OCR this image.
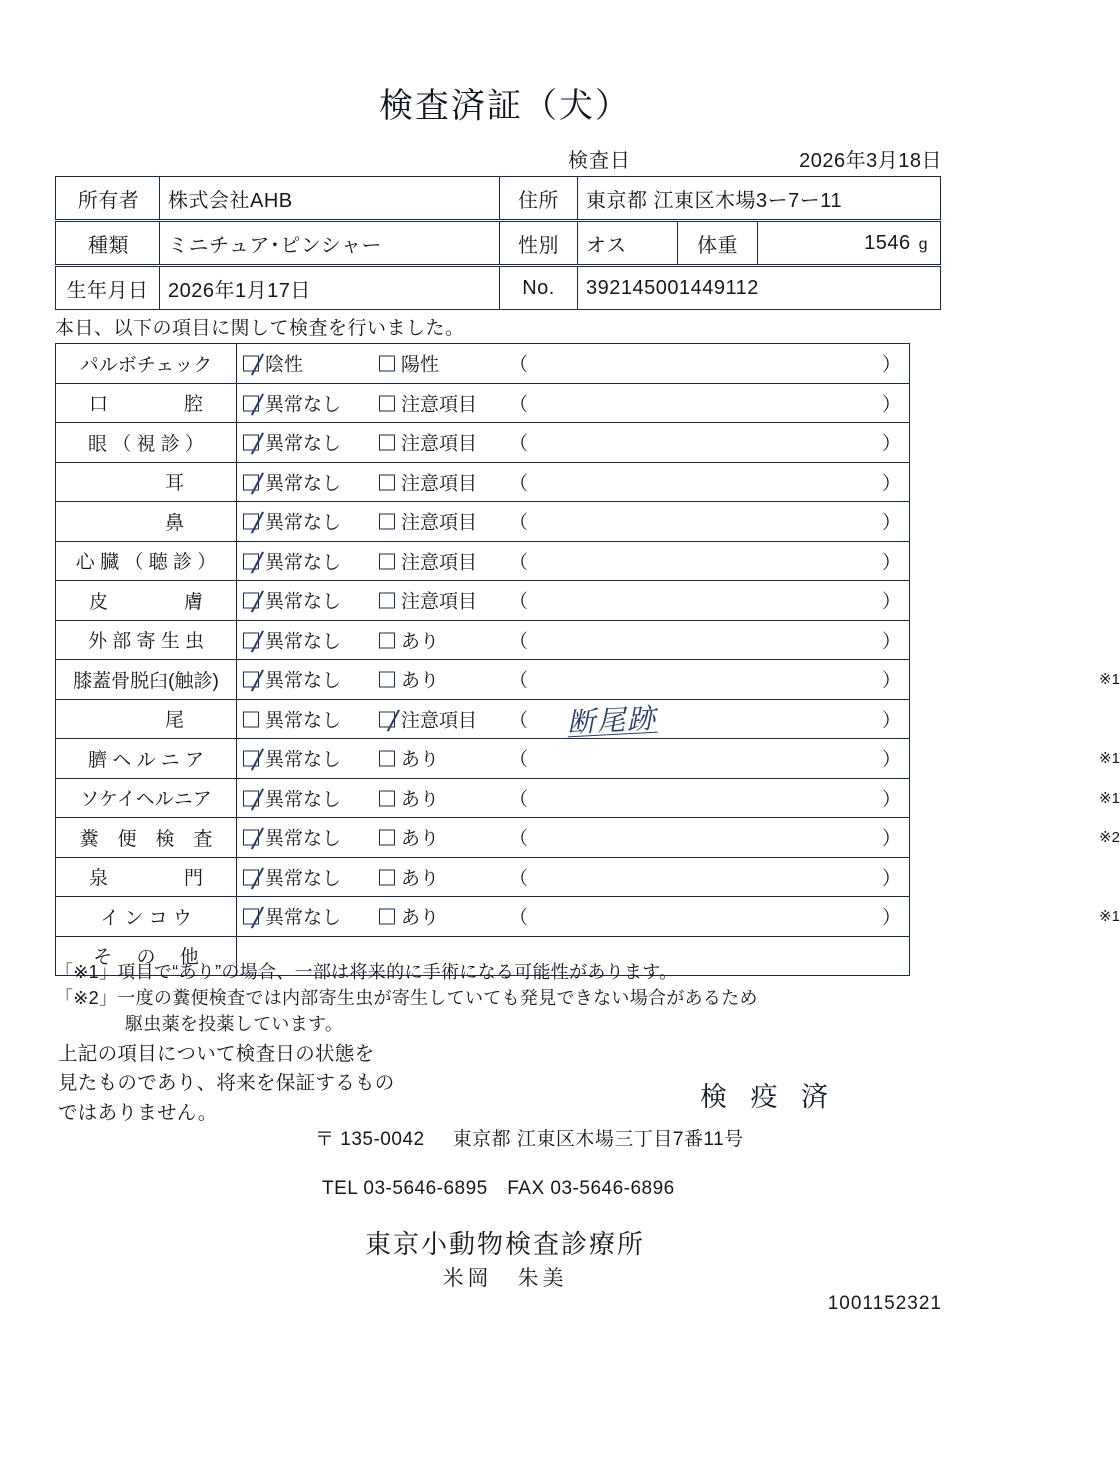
検査済証（犬）
検査日	2026年3月18日
所有者	株式会社AHB	住所	東京都 江東区木場3ー7ー11
種類	ミニチュア･ピンシャー	性別	オス	体重	1546 g
生年月日	2026年1月17日	No.	392145001449112
本日、以下の項目に関して検査を行いました。
パルボチェック	陰性 陽性 （ ）

口　　　　腔	異常なし 注意項目 （ ）

眼 （ 視 診 ）	異常なし 注意項目 （ ）

　　　耳	異常なし 注意項目 （ ）

　　　鼻	異常なし 注意項目 （ ）

心 臓 （ 聴 診 ）	異常なし 注意項目 （ ）

皮　　　　膚	異常なし 注意項目 （ ）

外 部 寄 生 虫	異常なし あり （ ）

膝蓋骨脱臼(触診)	異常なし あり （ ） ※1

　　　尾	異常なし 注意項目 （ 断尾跡 ）

臍 ヘ ル ニ ア	異常なし あり （ ） ※1

ソケイヘルニア	異常なし あり （ ） ※1

糞　便　検　査	異常なし あり （ ） ※2

泉　　　　門	異常なし あり （ ）

イ ン コ ウ	異常なし あり （ ） ※1

そ　 の　 他	
「※1」項目で“あり”の場合、一部は将来的に手術になる可能性があります。
「※2」一度の糞便検査では内部寄生虫が寄生していても発見できない場合があるため
駆虫薬を投薬しています。
上記の項目について検査日の状態を
見たものであり、将来を保証するもの
ではありません。
検 疫 済
〒 135-0042 東京都 江東区木場三丁目7番11号
TEL 03-5646-6895　FAX 03-5646-6896
東京小動物検査診療所
米岡　朱美
1001152321
